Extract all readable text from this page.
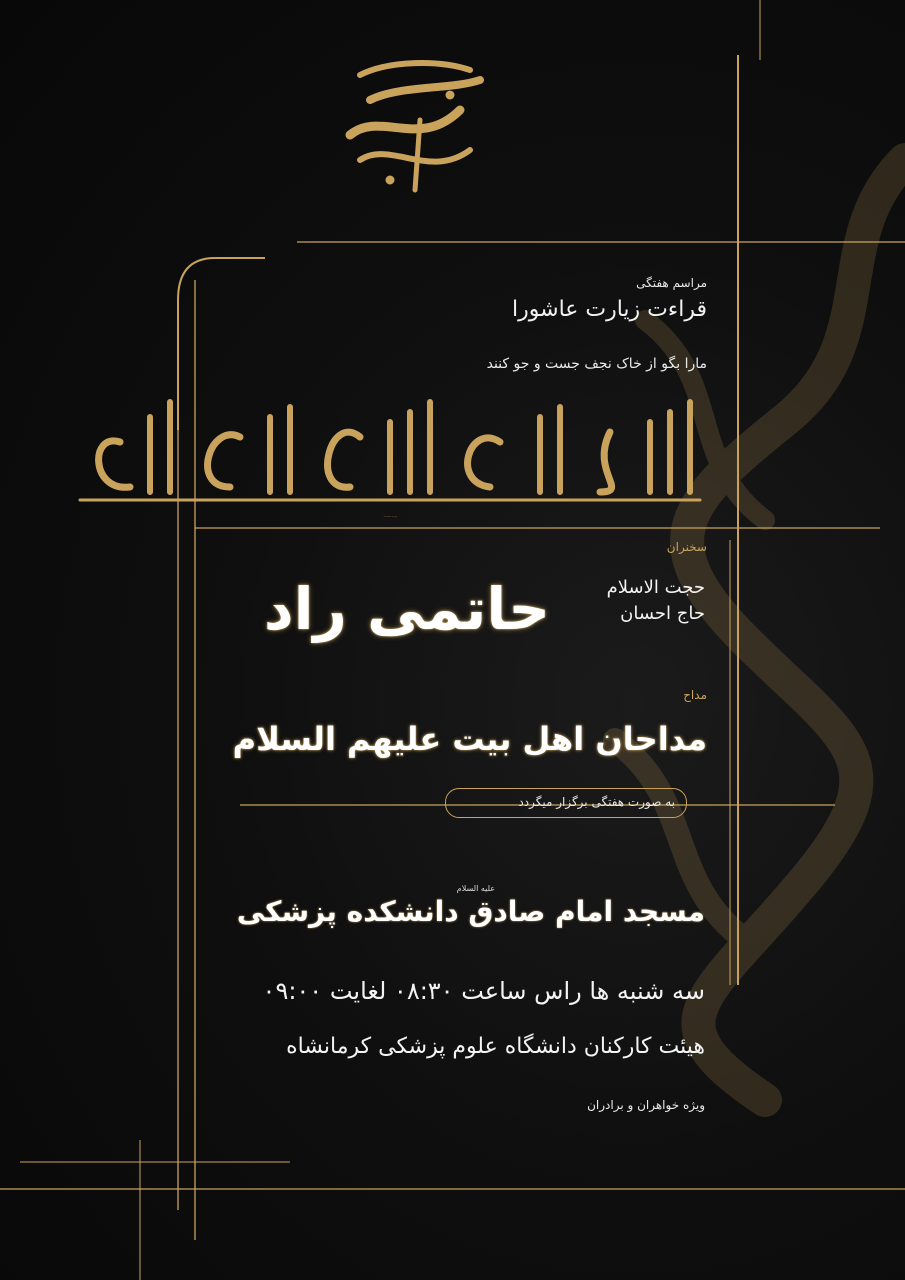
مراسم هفتگی
قراءت زیارت عاشورا
مارا بگو از خاک نجف جست و جو کنند
السلام علیک یا اباعبدالله الحسین
سخنران
حجت الاسلام
حاج احسان
حاتمی راد
مداح
مداحان اهل بیت علیهم السلام
به صورت هفتگی برگزار میگردد
علیه السلام
مسجد امام صادق دانشکده پزشکی
سه شنبه ها راس ساعت ۰۸:۳۰ لغایت ۰۹:۰۰
هیئت کارکنان دانشگاه علوم پزشکی کرمانشاه
ویژه خواهران و برادران
